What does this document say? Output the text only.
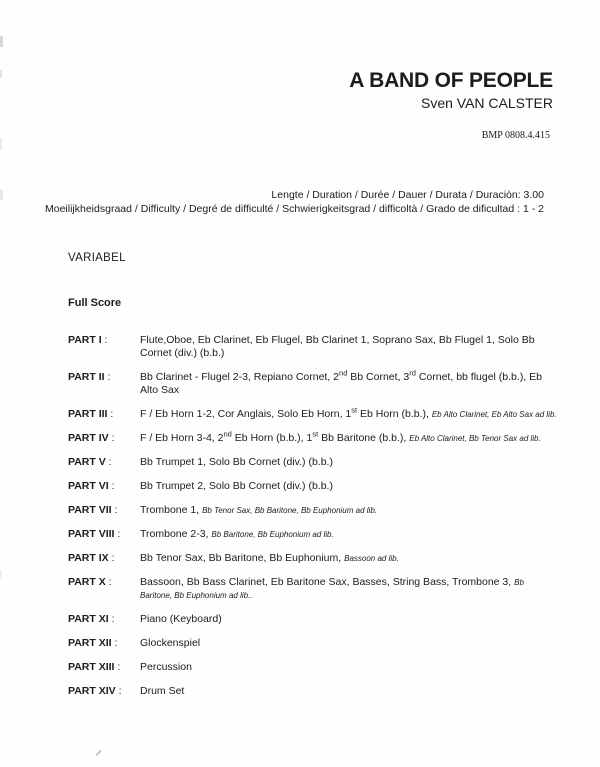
A BAND OF PEOPLE
Sven VAN CALSTER
BMP 0808.4.415
Lengte / Duration / Durée / Dauer / Durata / Duraciòn: 3.00
Moeilijkheidsgraad / Difficulty / Degré de difficulté / Schwierigkeitsgrad / difficoltà / Grado de dificultad : 1 - 2
VARIABEL
Full Score
PART I :	Flute,Oboe, Eb Clarinet, Eb Flugel, Bb Clarinet 1, Soprano Sax, Bb Flugel 1, Solo Bb Cornet (div.) (b.b.)
PART II :	Bb Clarinet - Flugel 2-3, Repiano Cornet, 2nd Bb Cornet, 3rd Cornet, bb flugel (b.b.), Eb Alto Sax
PART III :	F / Eb Horn 1-2, Cor Anglais, Solo Eb Horn, 1st Eb Horn (b.b.), Eb Alto Clarinet, Eb Alto Sax ad lib.
PART IV :	F / Eb Horn 3-4, 2nd Eb Horn (b.b.), 1st Bb Baritone (b.b.), Eb Alto Clarinet, Bb Tenor Sax ad lib.
PART V :	Bb Trumpet 1, Solo Bb Cornet (div.) (b.b.)
PART VI :	Bb Trumpet 2, Solo Bb Cornet (div.) (b.b.)
PART VII :	Trombone 1, Bb Tenor Sax, Bb Baritone, Bb Euphonium ad lib.
PART VIII :	Trombone 2-3, Bb Baritone, Bb Euphonium ad lib.
PART IX :	Bb Tenor Sax, Bb Baritone, Bb Euphonium, Bassoon ad lib.
PART X :	Bassoon, Bb Bass Clarinet, Eb Baritone Sax, Basses, String Bass, Trombone 3, Bb Baritone, Bb Euphonium ad lib..
PART XI :	Piano (Keyboard)
PART XII :	Glockenspiel
PART XIII :	Percussion
PART XIV :	Drum Set
